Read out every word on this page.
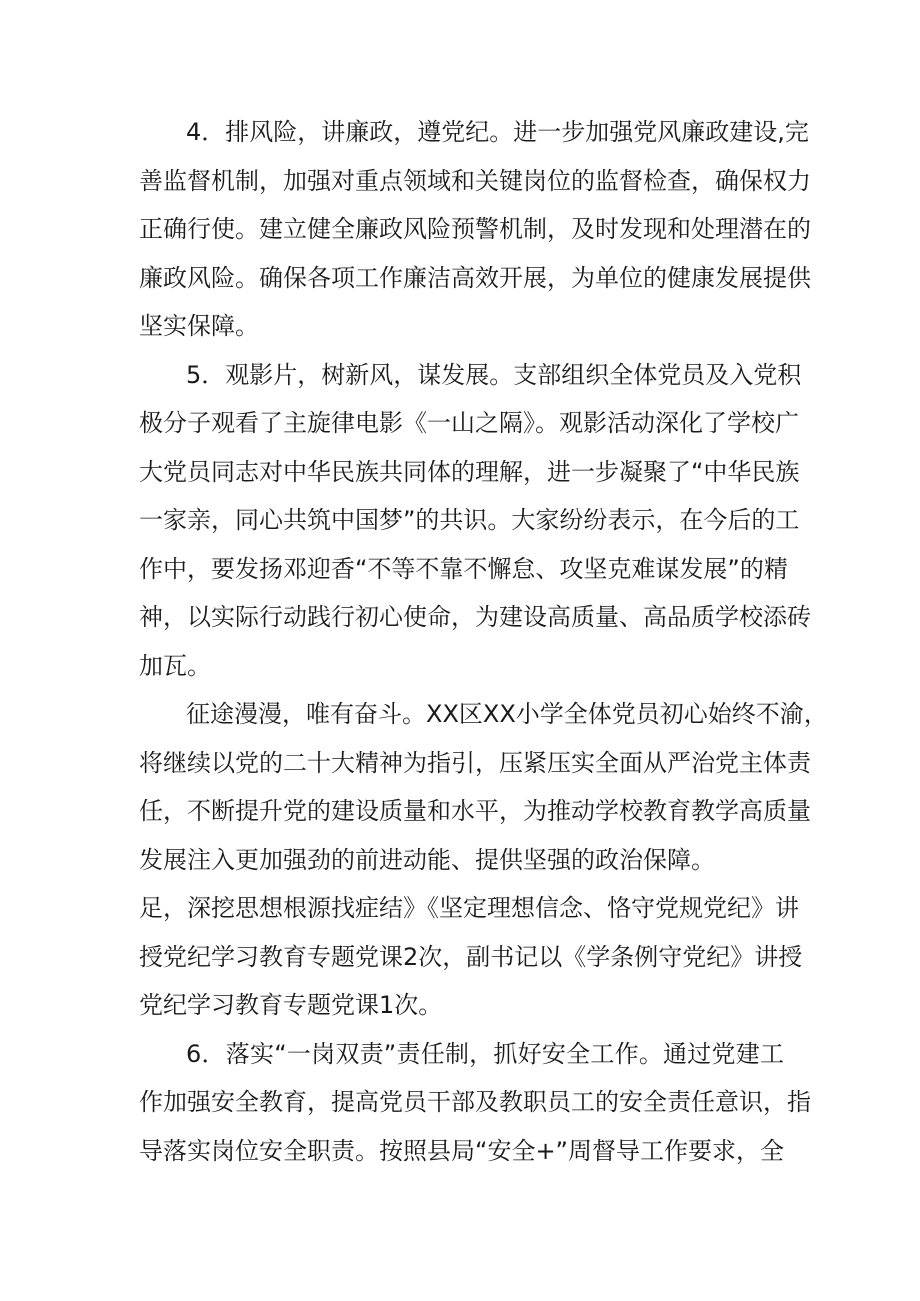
4．排风险，讲廉政，遵党纪。进一步加强党风廉政建设,完
善监督机制，加强对重点领域和关键岗位的监督检查，确保权力
正确行使。建立健全廉政风险预警机制，及时发现和处理潜在的
廉政风险。确保各项工作廉洁高效开展，为单位的健康发展提供
坚实保障。
5．观影片，树新风，谋发展。支部组织全体党员及入党积
极分子观看了主旋律电影《一山之隔》。观影活动深化了学校广
大党员同志对中华民族共同体的理解，进一步凝聚了“中华民族
一家亲，同心共筑中国梦”的共识。大家纷纷表示，在今后的工
作中，要发扬邓迎香“不等不靠不懈怠、攻坚克难谋发展”的精
神，以实际行动践行初心使命，为建设高质量、高品质学校添砖
加瓦。
征途漫漫，唯有奋斗。XX区XX小学全体党员初心始终不渝，
将继续以党的二十大精神为指引，压紧压实全面从严治党主体责
任，不断提升党的建设质量和水平，为推动学校教育教学高质量
发展注入更加强劲的前进动能、提供坚强的政治保障。
足，深挖思想根源找症结》《坚定理想信念、恪守党规党纪》讲
授党纪学习教育专题党课2次，副书记以《学条例守党纪》讲授
党纪学习教育专题党课1次。
6．落实“一岗双责”责任制，抓好安全工作。通过党建工
作加强安全教育，提高党员干部及教职员工的安全责任意识，指
导落实岗位安全职责。按照县局“安全+”周督导工作要求，全
